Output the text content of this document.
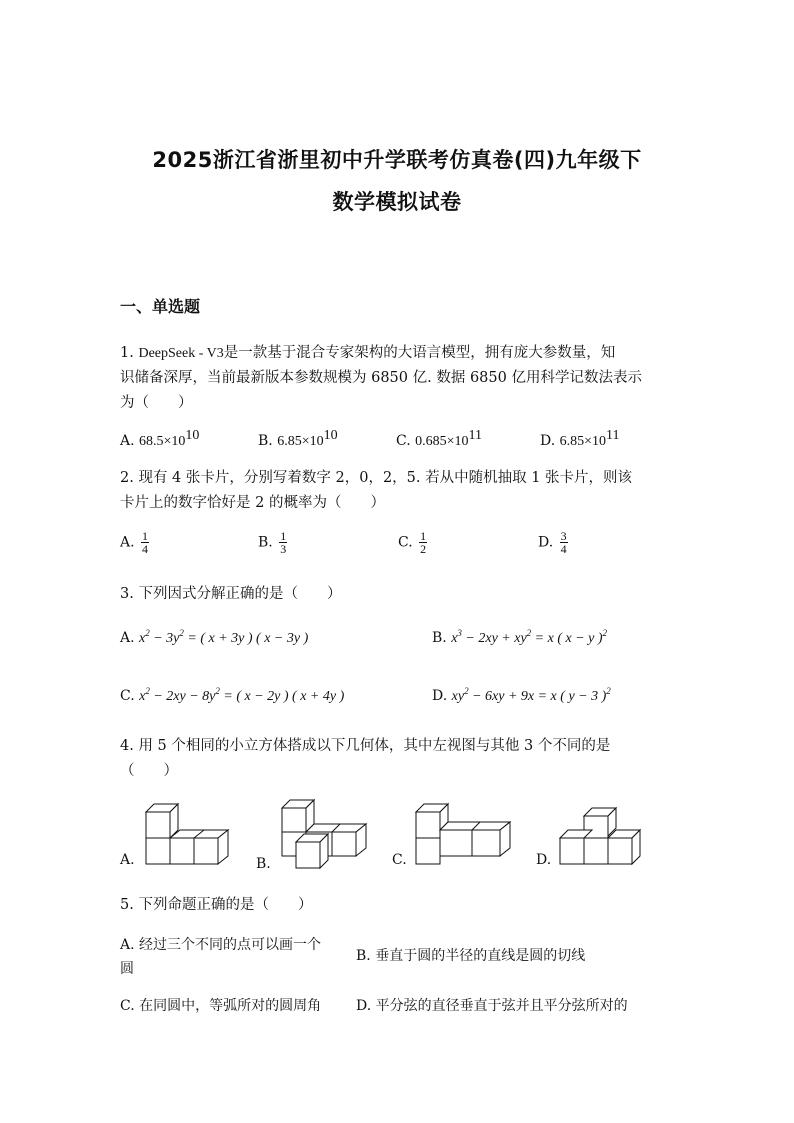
2025浙江省浙里初中升学联考仿真卷(四)九年级下
数学模拟试卷
一、单选题
1. DeepSeek - V3是一款基于混合专家架构的大语言模型，拥有庞大参数量，知
识储备深厚，当前最新版本参数规模为 6850 亿. 数据 6850 亿用科学记数法表示
为（　　）
A. $68.5\times 10^{10}$	B. $6.85\times 10^{10}$	C. $0.685\times 10^{11}$	D. $6.85\times 10^{11}$
2. 现有 4 张卡片，分别写着数字 2，0，2，5. 若从中随机抽取 1 张卡片，则该
卡片上的数字恰好是 2 的概率为（　　）
A. $\frac{1}{4}$	B. $\frac{1}{3}$	C. $\frac{1}{2}$	D. $\frac{3}{4}$
3. 下列因式分解正确的是（　　）
A. $x^2 - 3y^2$ = ( x + 3y ) ( x − 3y )	B. $x^3 - 2xy + xy^2 = x$ ( x − y )$^2$
C. $x^2 - 2xy - 8y^2$ = ( x − 2y ) ( x + 4y )	D. $xy^2 - 6xy + 9x = x$ ( y − 3 )$^2$
4. 用 5 个相同的小立方体搭成以下几何体，其中左视图与其他 3 个不同的是
（　　）
A.	B.	C.	D.
5. 下列命题正确的是（　　）
A. 经过三个不同的点可以画一个
圆
B. 垂直于圆的半径的直线是圆的切线
C. 在同圆中，等弧所对的圆周角 D. 平分弦的直径垂直于弦并且平分弦所对的
